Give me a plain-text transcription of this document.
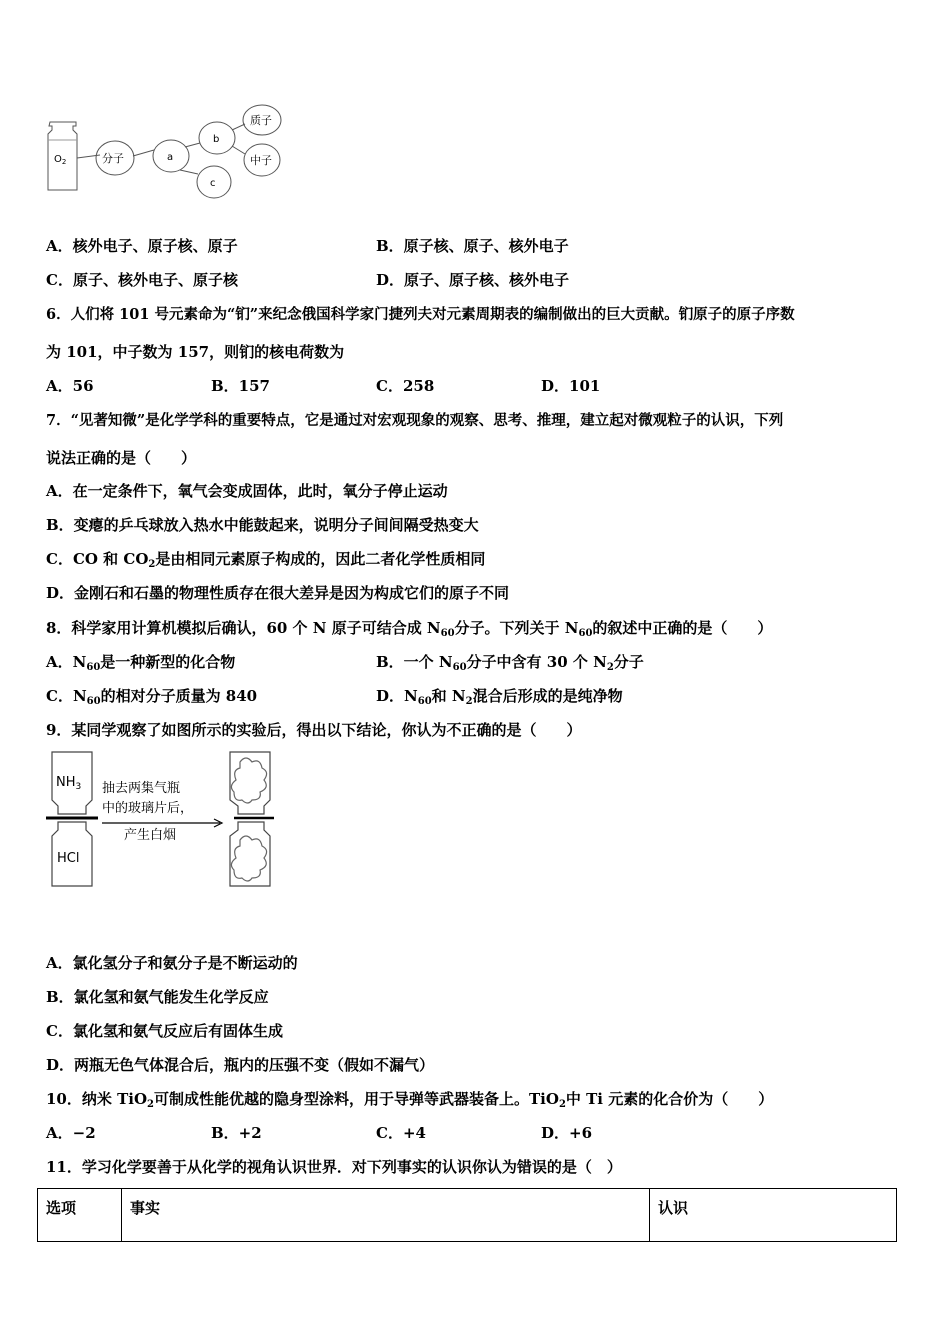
$O_2$	分子	a
b
c
质子
中子
A．核外电子、原子核、原子	B．原子核、原子、核外电子
C．原子、核外电子、原子核	D．原子、原子核、核外电子
6．人们将 101 号元素命为“钔”来纪念俄国科学家门捷列夫对元素周期表的编制做出的巨大贡献。钔原子的原子序数
为 101，中子数为 157，则钔的核电荷数为
A．56	B．157	C．258	D．101
7．“见著知微”是化学学科的重要特点，它是通过对宏观现象的观察、思考、推理，建立起对微观粒子的认识，下列
说法正确的是（　　）
A．在一定条件下，氧气会变成固体，此时，氧分子停止运动
B．变瘪的乒乓球放入热水中能鼓起来，说明分子间间隔受热变大
C．CO 和 $CO_2$是由相同元素原子构成的，因此二者化学性质相同
D．金刚石和石墨的物理性质存在很大差异是因为构成它们的原子不同
8．科学家用计算机模拟后确认，60 个 N 原子可结合成 $N_{60}$分子。下列关于 $N_{60}$的叙述中正确的是（　　）
A．$N_{60}$是一种新型的化合物	B．一个 $N_{60}$分子中含有 30 个 $N_2$分子
C．$N_{60}$的相对分子质量为 840	D．$N_{60}$和 $N_2$混合后形成的是纯净物
9．某同学观察了如图所示的实验后，得出以下结论，你认为不正确的是（　　）
$NH_3$
HCl
抽去两集气瓶
中的玻璃片后，
产生白烟
A．氯化氢分子和氨分子是不断运动的
B．氯化氢和氨气能发生化学反应
C．氯化氢和氨气反应后有固体生成
D．两瓶无色气体混合后，瓶内的压强不变（假如不漏气）
10．纳米 TiO$_2$可制成性能优越的隐身型涂料，用于导弹等武器装备上。TiO$_2$中 Ti 元素的化合价为（　　）
A．−2	B．+2	C．+4	D．+6
11．学习化学要善于从化学的视角认识世界．对下列事实的认识你认为错误的是（　）
选项	事实	认识
